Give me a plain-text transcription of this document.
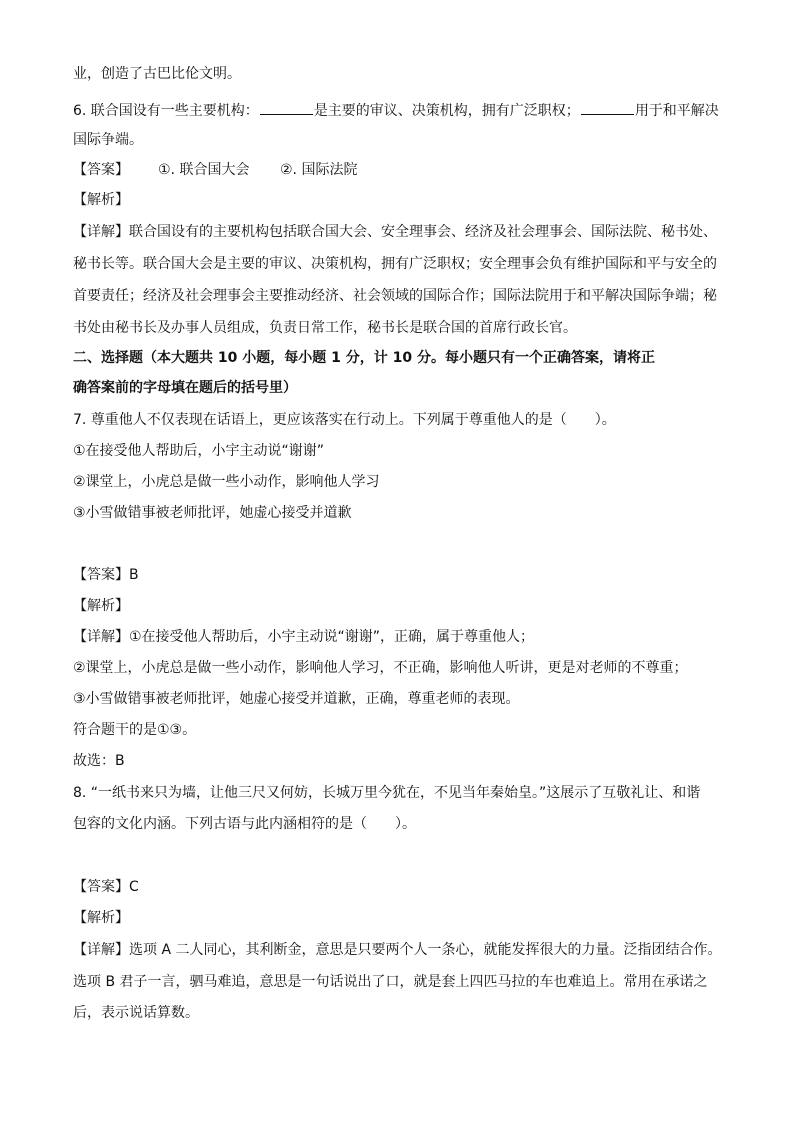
业，创造了古巴比伦文明。
6. 联合国设有一些主要机构：	是主要的审议、决策机构，拥有广泛职权；	用于和平解决
国际争端。
【答案】 ①. 联合国大会 ②. 国际法院
【解析】
【详解】联合国设有的主要机构包括联合国大会、安全理事会、经济及社会理事会、国际法院、秘书处、
秘书长等。联合国大会是主要的审议、决策机构，拥有广泛职权；安全理事会负有维护国际和平与安全的
首要责任；经济及社会理事会主要推动经济、社会领域的国际合作；国际法院用于和平解决国际争端；秘
书处由秘书长及办事人员组成，负责日常工作，秘书长是联合国的首席行政长官。
二、选择题（本大题共 10 小题，每小题 1 分，计 10 分。每小题只有一个正确答案，请将正
确答案前的字母填在题后的括号里）
7. 尊重他人不仅表现在话语上，更应该落实在行动上。下列属于尊重他人的是（　　）。
①在接受他人帮助后，小宇主动说“谢谢”
②课堂上，小虎总是做一些小动作，影响他人学习
③小雪做错事被老师批评，她虚心接受并道歉
【答案】B
【解析】
【详解】①在接受他人帮助后，小宇主动说“谢谢”，正确，属于尊重他人；
②课堂上，小虎总是做一些小动作，影响他人学习，不正确，影响他人听讲，更是对老师的不尊重；
③小雪做错事被老师批评，她虚心接受并道歉，正确，尊重老师的表现。
符合题干的是①③。
故选：B
8. “一纸书来只为墙，让他三尺又何妨，长城万里今犹在，不见当年秦始皇。”这展示了互敬礼让、和谐
包容的文化内涵。下列古语与此内涵相符的是（　　）。
【答案】C
【解析】
【详解】选项 A 二人同心，其利断金，意思是只要两个人一条心，就能发挥很大的力量。泛指团结合作。
选项 B 君子一言，驷马难追，意思是一句话说出了口，就是套上四匹马拉的车也难追上。常用在承诺之
后，表示说话算数。
